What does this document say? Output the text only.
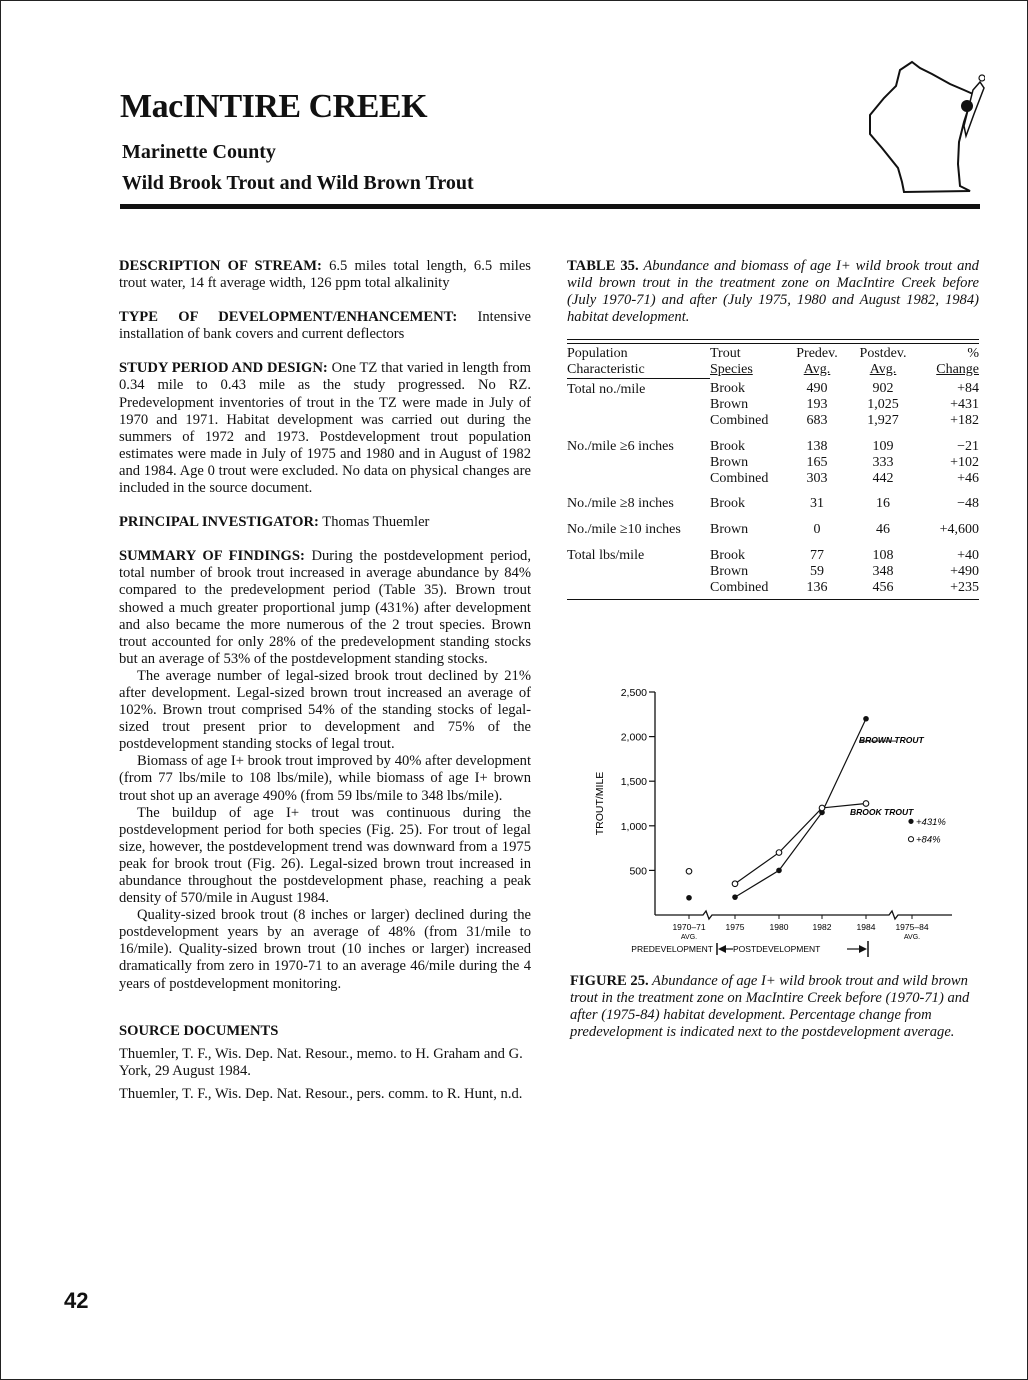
MacINTIRE CREEK
Marinette County
Wild Brook Trout and Wild Brown Trout

DESCRIPTION OF STREAM: 6.5 miles total length, 6.5 miles trout water, 14 ft average width, 126 ppm total alkalinity

TYPE OF DEVELOPMENT/ENHANCEMENT: Intensive installation of bank covers and current deflectors

STUDY PERIOD AND DESIGN: One TZ that varied in length from 0.34 mile to 0.43 mile as the study progressed. No RZ. Predevelopment inventories of trout in the TZ were made in July of 1970 and 1971. Habitat development was carried out during the summers of 1972 and 1973. Postdevelopment trout population estimates were made in July of 1975 and 1980 and in August of 1982 and 1984. Age 0 trout were excluded. No data on physical changes are included in the source document.

PRINCIPAL INVESTIGATOR: Thomas Thuemler

SUMMARY OF FINDINGS: During the postdevelopment period, total number of brook trout increased in average abundance by 84% compared to the predevelopment period (Table 35). Brown trout showed a much greater proportional jump (431%) after development and also became the more numerous of the 2 trout species. Brown trout accounted for only 28% of the predevelopment standing stocks but an average of 53% of the postdevelopment standing stocks.

The average number of legal-sized brook trout declined by 21% after development. Legal-sized brown trout increased an average of 102%. Brown trout comprised 54% of the standing stocks of legal-sized trout present prior to development and 75% of the postdevelopment standing stocks of legal trout.

Biomass of age I+ brook trout improved by 40% after development (from 77 lbs/mile to 108 lbs/mile), while biomass of age I+ brown trout shot up an average 490% (from 59 lbs/mile to 348 lbs/mile).

The buildup of age I+ trout was continuous during the postdevelopment period for both species (Fig. 25). For trout of legal size, however, the postdevelopment trend was downward from a 1975 peak for brook trout (Fig. 26). Legal-sized brown trout increased in abundance throughout the postdevelopment phase, reaching a peak density of 570/mile in August 1984.

Quality-sized brook trout (8 inches or larger) declined during the postdevelopment years by an average of 48% (from 31/mile to 16/mile). Quality-sized brown trout (10 inches or larger) increased dramatically from zero in 1970-71 to an average 46/mile during the 4 years of postdevelopment monitoring.

SOURCE DOCUMENTS

Thuemler, T. F., Wis. Dep. Nat. Resour., memo. to H. Graham and G. York, 29 August 1984.

Thuemler, T. F., Wis. Dep. Nat. Resour., pers. comm. to R. Hunt, n.d.

TABLE 35. Abundance and biomass of age I+ wild brook trout and wild brown trout in the treatment zone on MacIntire Creek before (July 1970-71) and after (July 1975, 1980 and August 1982, 1984) habitat development.
Population	Trout	Predev.	Postdev.	%
Characteristic	Species	Avg.	Avg.	Change
Total no./mile	Brook	490	902	+84
	Brown	193	1,025	+431
	Combined	683	1,927	+182
No./mile ≥6 inches	Brook	138	109	−21
	Brown	165	333	+102
	Combined	303	442	+46
No./mile ≥8 inches	Brook	31	16	−48
No./mile ≥10 inches	Brown	0	46	+4,600
Total lbs/mile	Brook	77	108	+40
	Brown	59	348	+490
	Combined	136	456	+235
500
1,000
1,500
2,000
2,500
TROUT/MILE
1970–71 1975	1980	1982	1984 1975–84
AVG.	AVG.
PREDEVELOPMENT POSTDEVELOPMENT
BROWN TROUT
BROOK TROUT
+431%
+84%
FIGURE 25. Abundance of age I+ wild brook trout and wild brown trout in the treatment zone on MacIntire Creek before (1970-71) and after (1975-84) habitat development. Percentage change from predevelopment is indicated next to the postdevelopment average.
42
